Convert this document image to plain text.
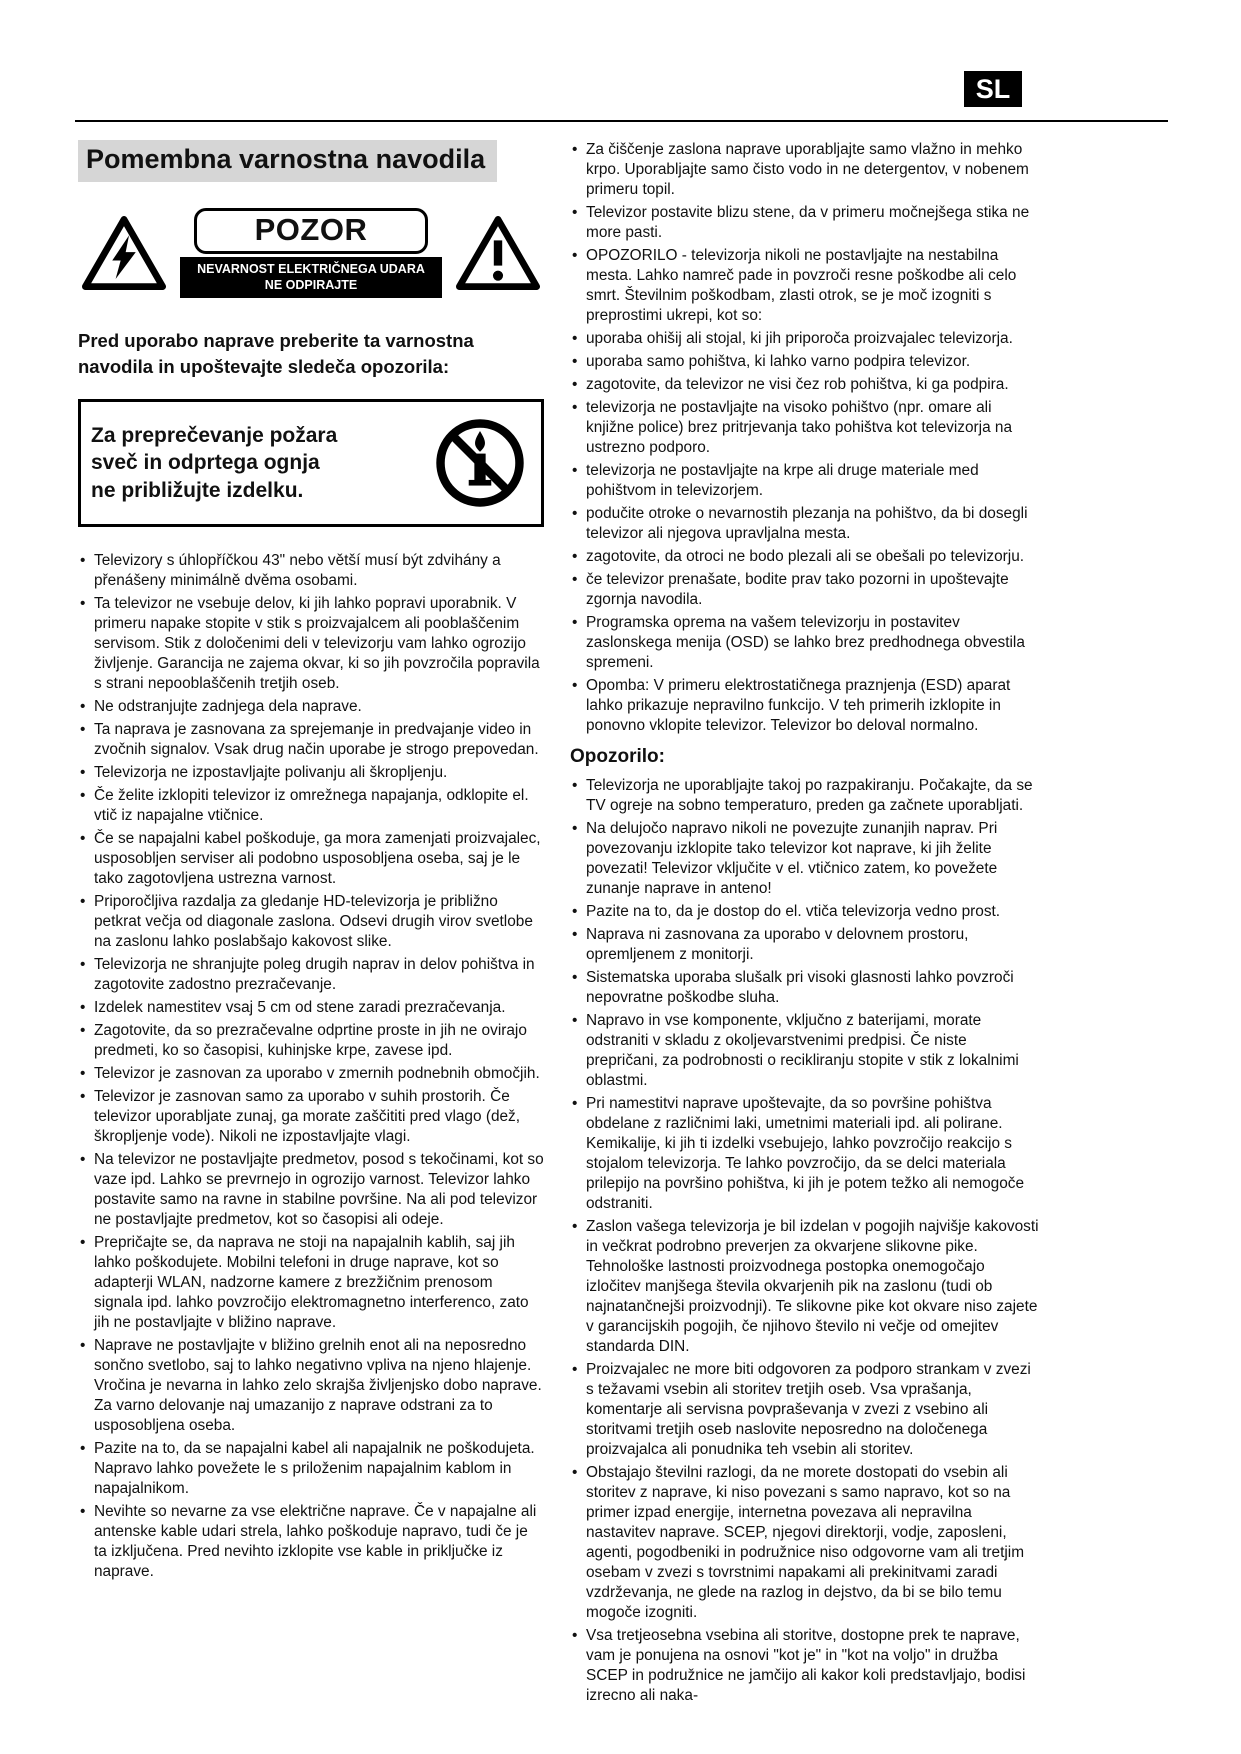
SL
Pomembna varnostna navodila
POZOR
NEVARNOST ELEKTRIČNEGA UDARA
NE ODPIRAJTE

Pred uporabo naprave preberite ta varnostna navodila in upoštevajte sledeča opozorila:

Za preprečevanje požara
sveč in odprtega ognja
ne približujte izdelku.
• Televizory s úhlopříčkou 43" nebo větší musí být zdvihány a přenášeny minimálně dvěma osobami.
• Ta televizor ne vsebuje delov, ki jih lahko popravi uporabnik. V primeru napake stopite v stik s proizvajalcem ali pooblaščenim servisom. Stik z določenimi deli v televizorju vam lahko ogrozijo življenje. Garancija ne zajema okvar, ki so jih povzročila popravila s strani nepooblaščenih tretjih oseb.
• Ne odstranjujte zadnjega dela naprave.
• Ta naprava je zasnovana za sprejemanje in predvajanje video in zvočnih signalov. Vsak drug način uporabe je strogo prepovedan.
• Televizorja ne izpostavljajte polivanju ali škropljenju.
• Če želite izklopiti televizor iz omrežnega napajanja, odklopite el. vtič iz napajalne vtičnice.
• Če se napajalni kabel poškoduje, ga mora zamenjati proizvajalec, usposobljen serviser ali podobno usposobljena oseba, saj je le tako zagotovljena ustrezna varnost.
• Priporočljiva razdalja za gledanje HD-televizorja je približno petkrat večja od diagonale zaslona. Odsevi drugih virov svetlobe na zaslonu lahko poslabšajo kakovost slike.
• Televizorja ne shranjujte poleg drugih naprav in delov pohištva in zagotovite zadostno prezračevanje.
• Izdelek namestitev vsaj 5 cm od stene zaradi prezračevanja.
• Zagotovite, da so prezračevalne odprtine proste in jih ne ovirajo predmeti, ko so časopisi, kuhinjske krpe, zavese ipd.
• Televizor je zasnovan za uporabo v zmernih podnebnih območjih.
• Televizor je zasnovan samo za uporabo v suhih prostorih. Če televizor uporabljate zunaj, ga morate zaščititi pred vlago (dež, škropljenje vode). Nikoli ne izpostavljajte vlagi.
• Na televizor ne postavljajte predmetov, posod s tekočinami, kot so vaze ipd. Lahko se prevrnejo in ogrozijo varnost. Televizor lahko postavite samo na ravne in stabilne površine. Na ali pod televizor ne postavljajte predmetov, kot so časopisi ali odeje.
• Prepričajte se, da naprava ne stoji na napajalnih kablih, saj jih lahko poškodujete. Mobilni telefoni in druge naprave, kot so adapterji WLAN, nadzorne kamere z brezžičnim prenosom signala ipd. lahko povzročijo elektromagnetno interferenco, zato jih ne postavljajte v bližino naprave.
• Naprave ne postavljajte v bližino grelnih enot ali na neposredno sončno svetlobo, saj to lahko negativno vpliva na njeno hlajenje. Vročina je nevarna in lahko zelo skrajša življenjsko dobo naprave. Za varno delovanje naj umazanijo z naprave odstrani za to usposobljena oseba.
• Pazite na to, da se napajalni kabel ali napajalnik ne poškodujeta. Napravo lahko povežete le s priloženim napajalnim kablom in napajalnikom.
• Nevihte so nevarne za vse električne naprave. Če v napajalne ali antenske kable udari strela, lahko poškoduje napravo, tudi če je ta izključena. Pred nevihto izklopite vse kable in priključke iz naprave.
• Za čiščenje zaslona naprave uporabljajte samo vlažno in mehko krpo. Uporabljajte samo čisto vodo in ne detergentov, v nobenem primeru topil.
• Televizor postavite blizu stene, da v primeru močnejšega stika ne more pasti.
• OPOZORILO - televizorja nikoli ne postavljajte na nestabilna mesta. Lahko namreč pade in povzroči resne poškodbe ali celo smrt. Številnim poškodbam, zlasti otrok, se je moč izogniti s preprostimi ukrepi, kot so:
• uporaba ohišij ali stojal, ki jih priporoča proizvajalec televizorja.
• uporaba samo pohištva, ki lahko varno podpira televizor.
• zagotovite, da televizor ne visi čez rob pohištva, ki ga podpira.
• televizorja ne postavljajte na visoko pohištvo (npr. omare ali knjižne police) brez pritrjevanja tako pohištva kot televizorja na ustrezno podporo.
• televizorja ne postavljajte na krpe ali druge materiale med pohištvom in televizorjem.
• podučite otroke o nevarnostih plezanja na pohištvo, da bi dosegli televizor ali njegova upravljalna mesta.
• zagotovite, da otroci ne bodo plezali ali se obešali po televizorju.
• če televizor prenašate, bodite prav tako pozorni in upoštevajte zgornja navodila.
• Programska oprema na vašem televizorju in postavitev zaslonskega menija (OSD) se lahko brez predhodnega obvestila spremeni.
• Opomba: V primeru elektrostatičnega praznjenja (ESD) aparat lahko prikazuje nepravilno funkcijo. V teh primerih izklopite in ponovno vklopite televizor. Televizor bo deloval normalno.
Opozorilo:
• Televizorja ne uporabljajte takoj po razpakiranju. Počakajte, da se TV ogreje na sobno temperaturo, preden ga začnete uporabljati.
• Na delujočo napravo nikoli ne povezujte zunanjih naprav. Pri povezovanju izklopite tako televizor kot naprave, ki jih želite povezati! Televizor vključite v el. vtičnico zatem, ko povežete zunanje naprave in anteno!
• Pazite na to, da je dostop do el. vtiča televizorja vedno prost.
• Naprava ni zasnovana za uporabo v delovnem prostoru, opremljenem z monitorji.
• Sistematska uporaba slušalk pri visoki glasnosti lahko povzroči nepovratne poškodbe sluha.
• Napravo in vse komponente, vključno z baterijami, morate odstraniti v skladu z okoljevarstvenimi predpisi. Če niste prepričani, za podrobnosti o recikliranju stopite v stik z lokalnimi oblastmi.
• Pri namestitvi naprave upoštevajte, da so površine pohištva obdelane z različnimi laki, umetnimi materiali ipd. ali polirane. Kemikalije, ki jih ti izdelki vsebujejo, lahko povzročijo reakcijo s stojalom televizorja. Te lahko povzročijo, da se delci materiala prilepijo na površino pohištva, ki jih je potem težko ali nemogoče odstraniti.
• Zaslon vašega televizorja je bil izdelan v pogojih najvišje kakovosti in večkrat podrobno preverjen za okvarjene slikovne pike. Tehnološke lastnosti proizvodnega postopka onemogočajo izločitev manjšega števila okvarjenih pik na zaslonu (tudi ob najnatančnejši proizvodnji). Te slikovne pike kot okvare niso zajete v garancijskih pogojih, če njihovo število ni večje od omejitev standarda DIN.
• Proizvajalec ne more biti odgovoren za podporo strankam v zvezi s težavami vsebin ali storitev tretjih oseb. Vsa vprašanja, komentarje ali servisna povpraševanja v zvezi z vsebino ali storitvami tretjih oseb naslovite neposredno na določenega proizvajalca ali ponudnika teh vsebin ali storitev.
• Obstajajo številni razlogi, da ne morete dostopati do vsebin ali storitev z naprave, ki niso povezani s samo napravo, kot so na primer izpad energije, internetna povezava ali nepravilna nastavitev naprave. SCEP, njegovi direktorji, vodje, zaposleni, agenti, pogodbeniki in podružnice niso odgovorne vam ali tretjim osebam v zvezi s tovrstnimi napakami ali prekinitvami zaradi vzdrževanja, ne glede na razlog in dejstvo, da bi se bilo temu mogoče izogniti.
• Vsa tretjeosebna vsebina ali storitve, dostopne prek te naprave, vam je ponujena na osnovi "kot je" in "kot na voljo" in družba SCEP in podružnice ne jamčijo ali kakor koli predstavljajo, bodisi izrecno ali naka-
